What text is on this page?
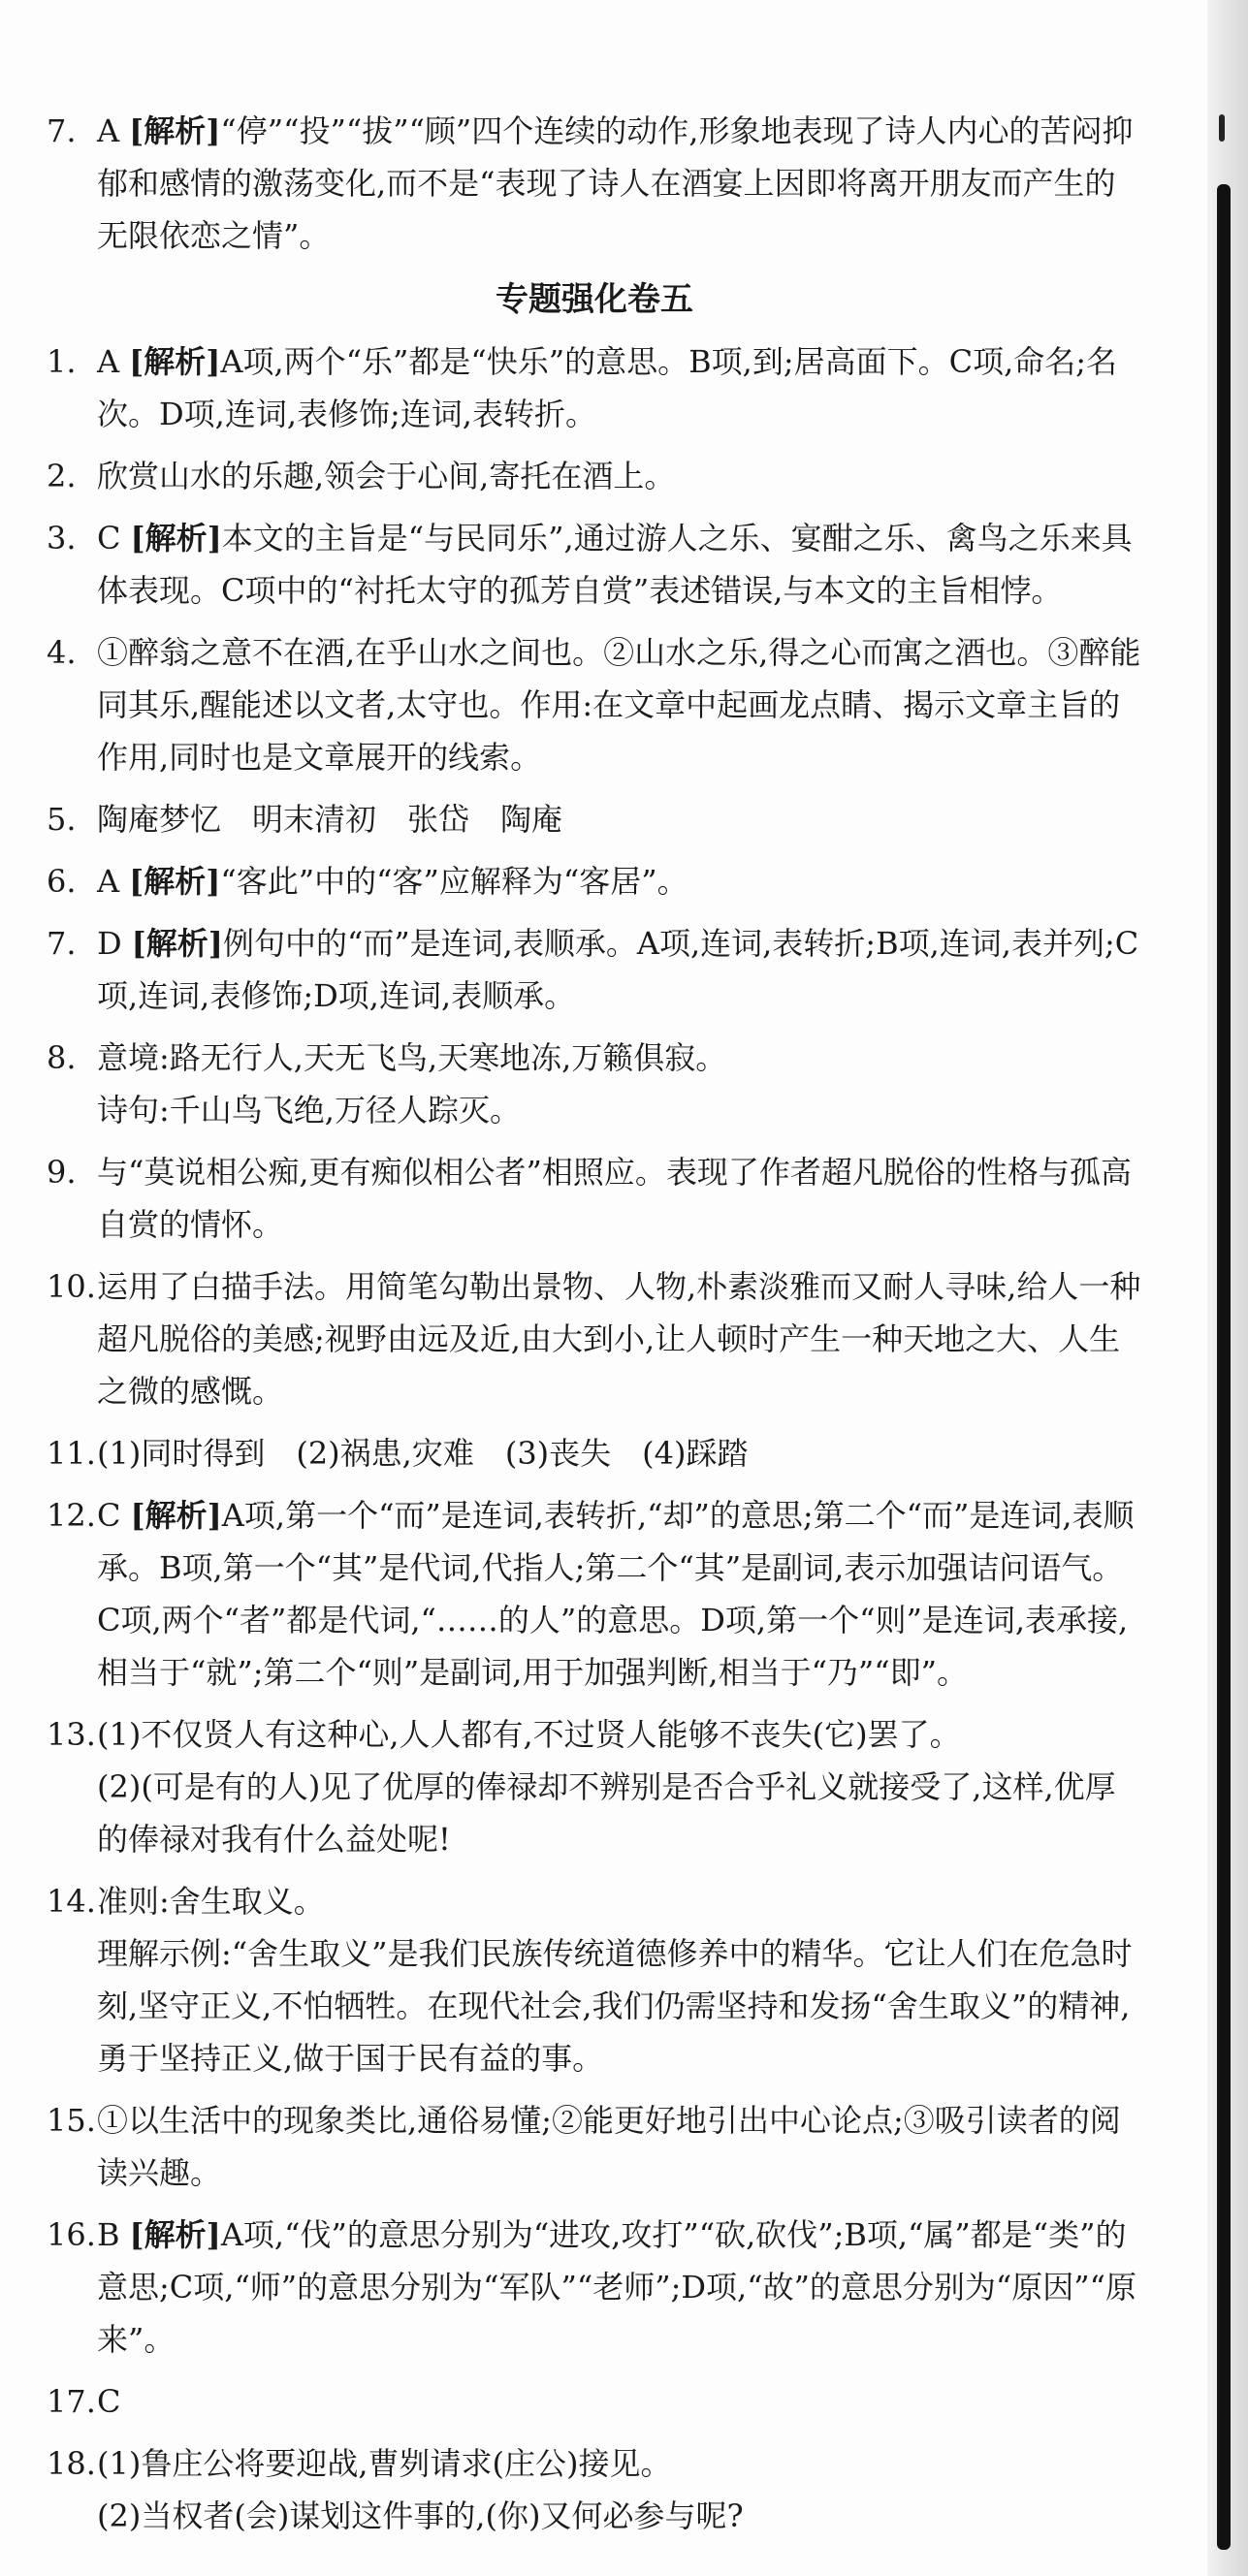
7. A [解析]“停”“投”“拔”“顾”四个连续的动作,形象地表现了诗人内心的苦闷抑郁和感情的激荡变化,而不是“表现了诗人在酒宴上因即将离开朋友而产生的无限依恋之情”。
专题强化卷五
1. A [解析]A项,两个“乐”都是“快乐”的意思。B项,到;居高面下。C项,命名;名次。D项,连词,表修饰;连词,表转折。
2. 欣赏山水的乐趣,领会于心间,寄托在酒上。
3. C [解析]本文的主旨是“与民同乐”,通过游人之乐、宴酣之乐、禽鸟之乐来具体表现。C项中的“衬托太守的孤芳自赏”表述错误,与本文的主旨相悖。
4. ①醉翁之意不在酒,在乎山水之间也。②山水之乐,得之心而寓之酒也。③醉能同其乐,醒能述以文者,太守也。作用:在文章中起画龙点睛、揭示文章主旨的作用,同时也是文章展开的线索。
5. 陶庵梦忆　明末清初　张岱　陶庵
6. A [解析]“客此”中的“客”应解释为“客居”。
7. D [解析]例句中的“而”是连词,表顺承。A项,连词,表转折;B项,连词,表并列;C项,连词,表修饰;D项,连词,表顺承。
8. 意境:路无行人,天无飞鸟,天寒地冻,万籁俱寂。
诗句:千山鸟飞绝,万径人踪灭。
9. 与“莫说相公痴,更有痴似相公者”相照应。表现了作者超凡脱俗的性格与孤高自赏的情怀。
10. 运用了白描手法。用简笔勾勒出景物、人物,朴素淡雅而又耐人寻味,给人一种超凡脱俗的美感;视野由远及近,由大到小,让人顿时产生一种天地之大、人生之微的感慨。
11. (1)同时得到　(2)祸患,灾难　(3)丧失　(4)踩踏
12. C [解析]A项,第一个“而”是连词,表转折,“却”的意思;第二个“而”是连词,表顺承。B项,第一个“其”是代词,代指人;第二个“其”是副词,表示加强诘问语气。C项,两个“者”都是代词,“……的人”的意思。D项,第一个“则”是连词,表承接,相当于“就”;第二个“则”是副词,用于加强判断,相当于“乃”“即”。
13. (1)不仅贤人有这种心,人人都有,不过贤人能够不丧失(它)罢了。
(2)(可是有的人)见了优厚的俸禄却不辨别是否合乎礼义就接受了,这样,优厚的俸禄对我有什么益处呢!
14. 准则:舍生取义。
理解示例:“舍生取义”是我们民族传统道德修养中的精华。它让人们在危急时刻,坚守正义,不怕牺牲。在现代社会,我们仍需坚持和发扬“舍生取义”的精神,勇于坚持正义,做于国于民有益的事。
15. ①以生活中的现象类比,通俗易懂;②能更好地引出中心论点;③吸引读者的阅读兴趣。
16. B [解析]A项,“伐”的意思分别为“进攻,攻打”“砍,砍伐”;B项,“属”都是“类”的意思;C项,“师”的意思分别为“军队”“老师”;D项,“故”的意思分别为“原因”“原来”。
17. C
18. (1)鲁庄公将要迎战,曹刿请求(庄公)接见。
(2)当权者(会)谋划这件事的,(你)又何必参与呢?
